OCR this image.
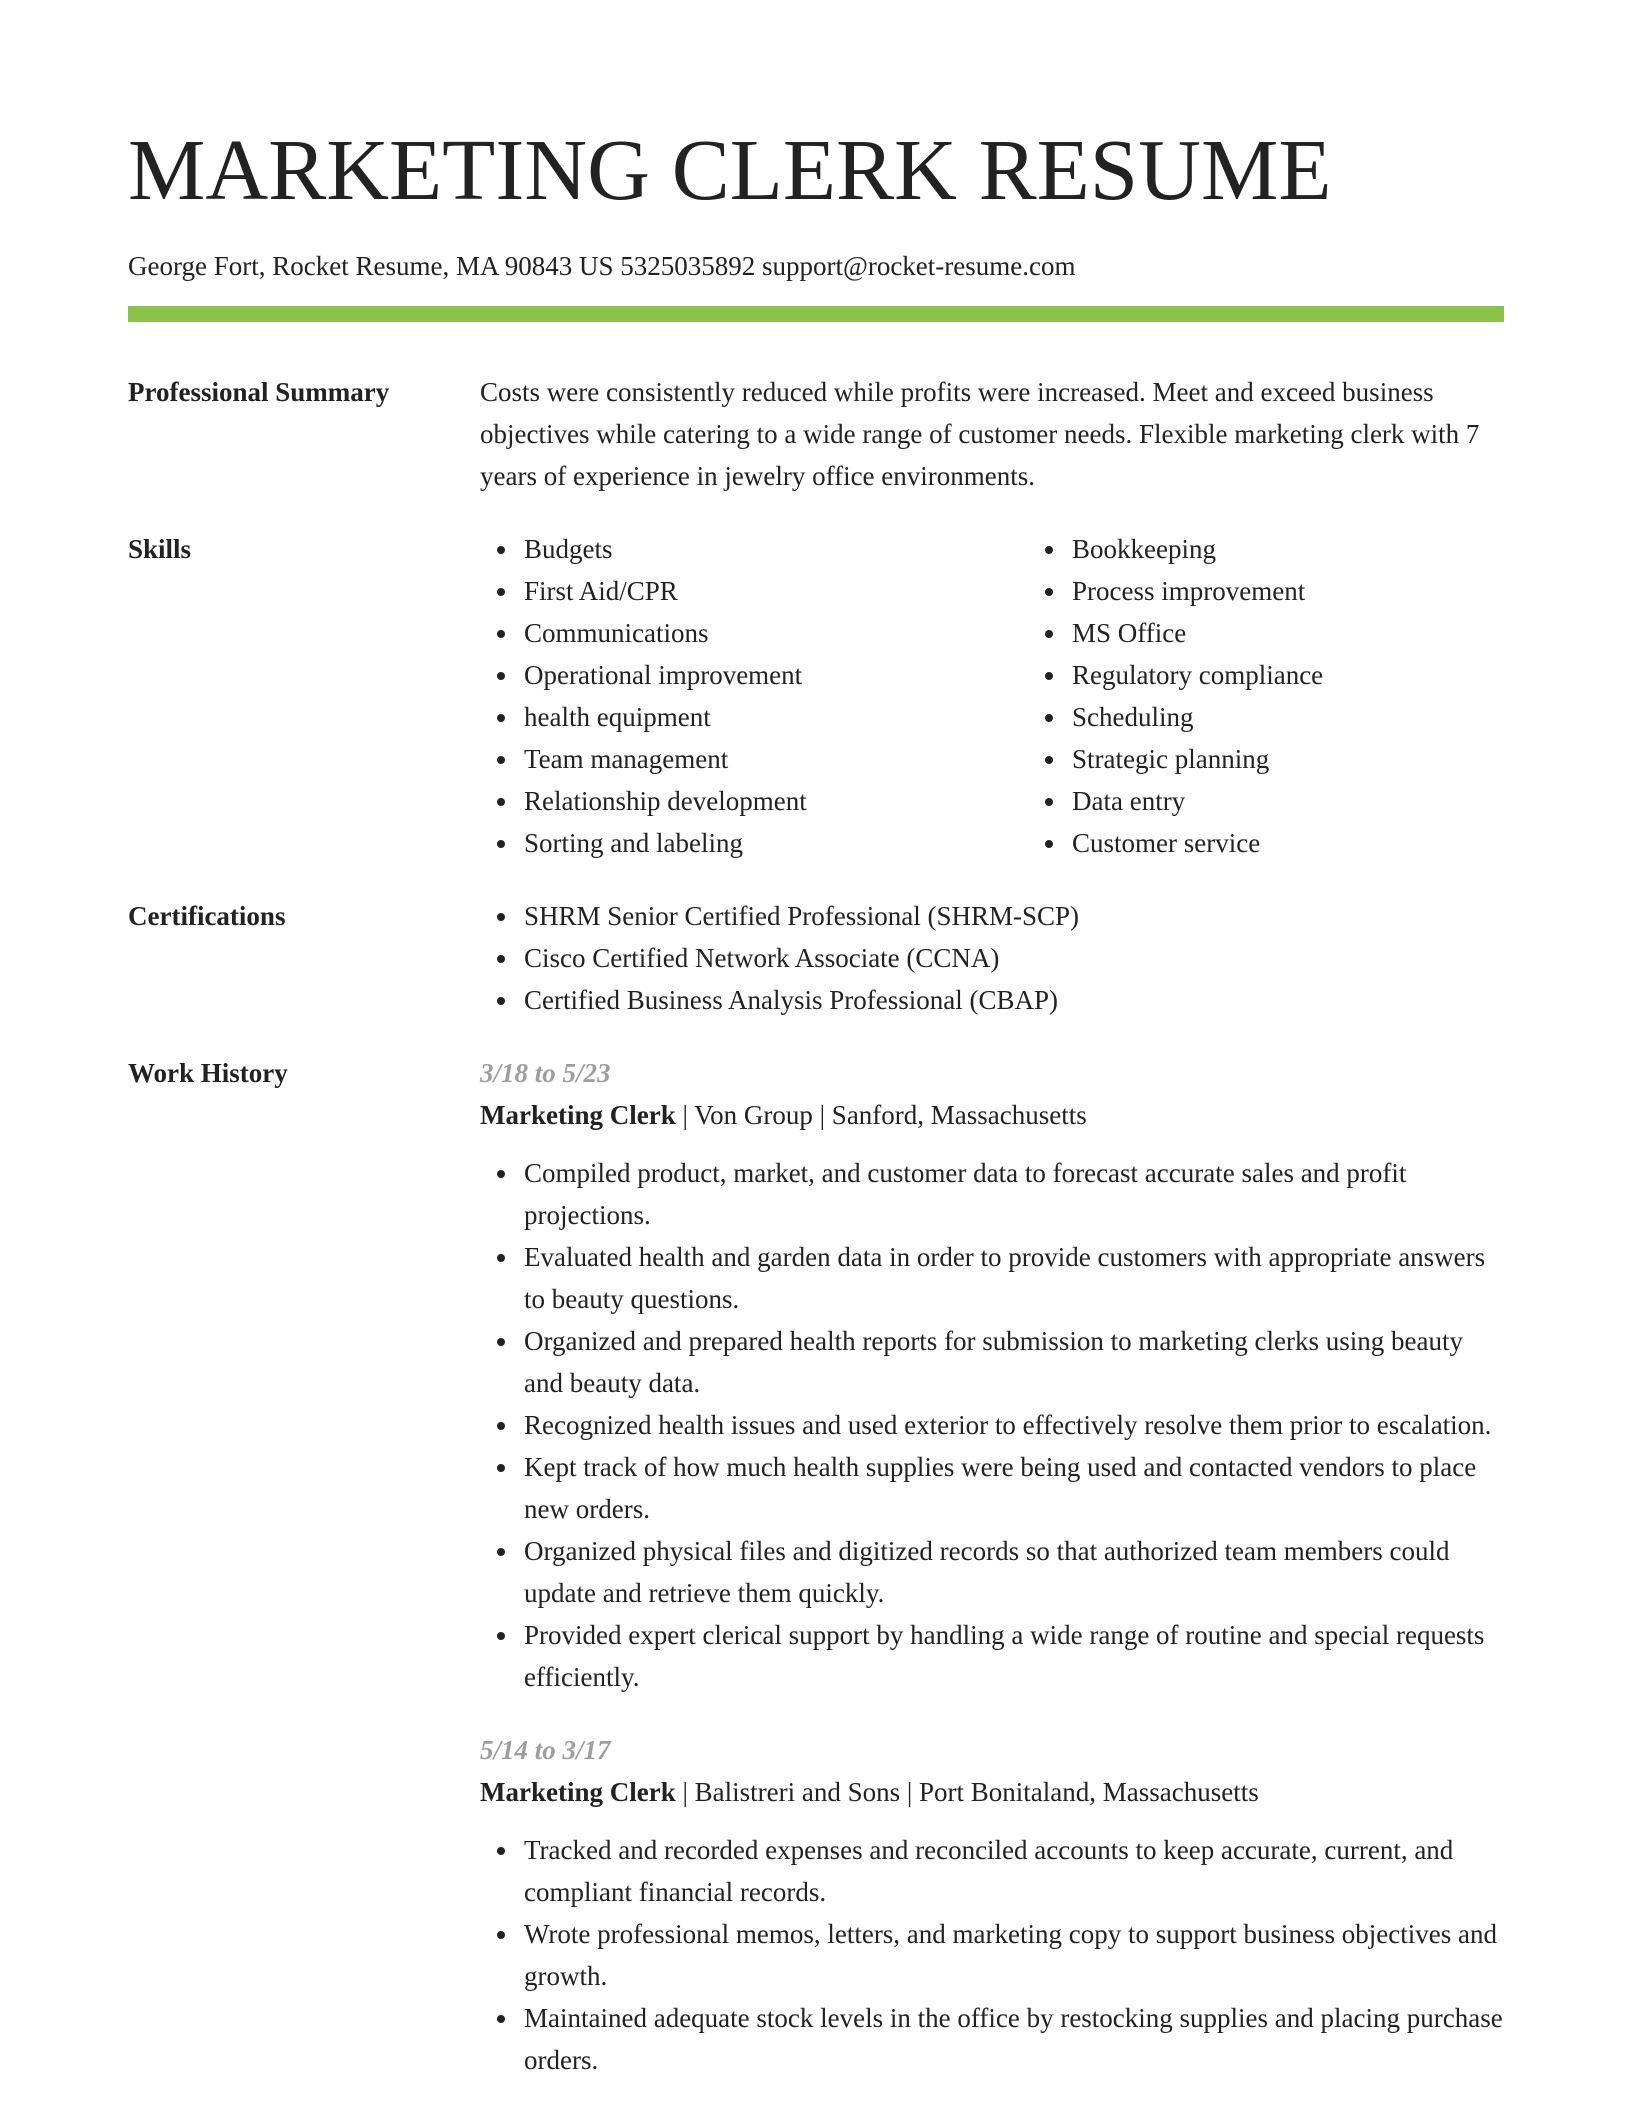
MARKETING CLERK RESUME
George Fort, Rocket Resume, MA 90843 US 5325035892 support@rocket-resume.com
Professional Summary	Costs were consistently reduced while profits were increased. Meet and exceed business objectives while catering to a wide range of customer needs. Flexible marketing clerk with 7 years of experience in jewelry office environments.
Skills	Budgets
First Aid/CPR
Communications
Operational improvement
health equipment
Team management
Relationship development
Sorting and labeling
Bookkeeping
Process improvement
MS Office
Regulatory compliance
Scheduling
Strategic planning
Data entry
Customer service
Certifications	SHRM Senior Certified Professional (SHRM-SCP)
Cisco Certified Network Associate (CCNA)
Certified Business Analysis Professional (CBAP)
Work History	3/18 to 5/23
Marketing Clerk | Von Group | Sanford, Massachusetts
Compiled product, market, and customer data to forecast accurate sales and profit projections.
Evaluated health and garden data in order to provide customers with appropriate answers to beauty questions.
Organized and prepared health reports for submission to marketing clerks using beauty and beauty data.
Recognized health issues and used exterior to effectively resolve them prior to escalation.
Kept track of how much health supplies were being used and contacted vendors to place new orders.
Organized physical files and digitized records so that authorized team members could update and retrieve them quickly.
Provided expert clerical support by handling a wide range of routine and special requests efficiently.
5/14 to 3/17
Marketing Clerk | Balistreri and Sons | Port Bonitaland, Massachusetts
Tracked and recorded expenses and reconciled accounts to keep accurate, current, and compliant financial records.
Wrote professional memos, letters, and marketing copy to support business objectives and growth.
Maintained adequate stock levels in the office by restocking supplies and placing purchase orders.
